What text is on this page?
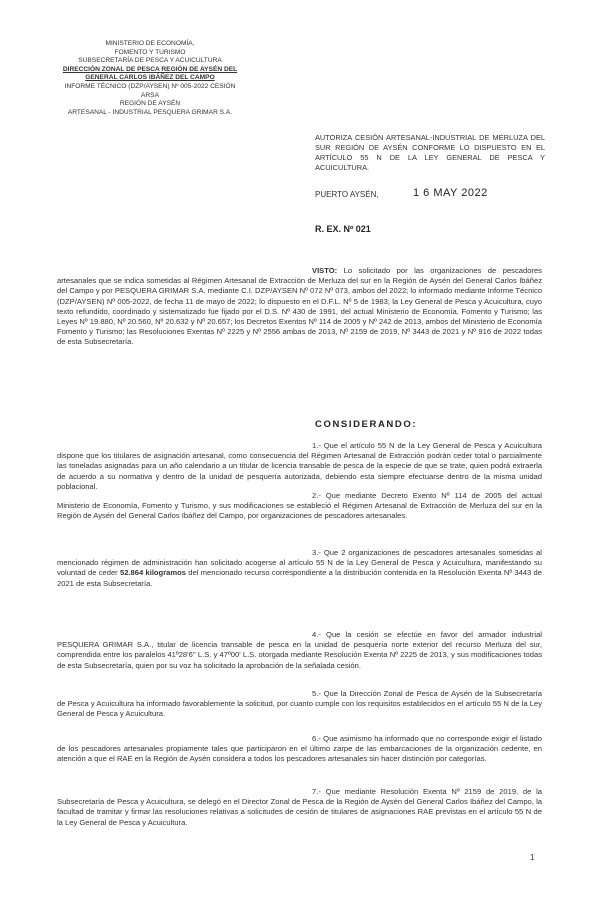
MINISTERIO DE ECONOMÍA,
FOMENTO Y TURISMO
SUBSECRETARÍA DE PESCA Y ACUICULTURA
DIRECCIÓN ZONAL DE PESCA REGIÓN DE AYSÉN DEL
GENERAL CARLOS IBÁÑEZ DEL CAMPO
INFORME TÉCNICO (DZP/AYSEN) Nº 005-2022 CESIÓN ARSA
REGIÓN DE AYSÉN
ARTESANAL - INDUSTRIAL PESQUERA GRIMAR S.A.
AUTORIZA CESIÓN ARTESANAL-INDUSTRIAL DE MERLUZA DEL SUR REGIÓN DE AYSÉN CONFORME LO DISPUESTO EN EL ARTÍCULO 55 N DE LA LEY GENERAL DE PESCA Y ACUICULTURA.
PUERTO AYSÉN,	1 6 MAY 2022
R. EX. Nº 021
VISTO: Lo solicitado por las organizaciones de pescadores artesanales que se indica sometidas al Régimen Artesanal de Extracción de Merluza del sur en la Región de Aysén del General Carlos Ibáñez del Campo y por PESQUERA GRIMAR S.A. mediante C.I. DZP/AYSEN Nº 072 Nº 073, ambos del 2022; lo informado mediante Informe Técnico (DZP/AYSEN) Nº 005-2022, de fecha 11 de mayo de 2022; lo dispuesto en el D.F.L. Nº 5 de 1983; la Ley General de Pesca y Acuicultura, cuyo texto refundido, coordinado y sistematizado fue fijado por el D.S. Nº 430 de 1991, del actual Ministerio de Economía, Fomento y Turismo; las Leyes Nº 19.880, Nº 20.560, Nº 20.632 y Nº 20.657; los Decretos Exentos Nº 114 de 2005 y Nº 242 de 2013, ambos del Ministerio de Economía Fomento y Turismo; las Resoluciones Exentas Nº 2225 y Nº 2556 ambas de 2013, Nº 2159 de 2019, Nº 3443 de 2021 y Nº 916 de 2022 todas de esta Subsecretaría.
CONSIDERANDO:
1.- Que el artículo 55 N de la Ley General de Pesca y Acuicultura dispone que los titulares de asignación artesanal, como consecuencia del Régimen Artesanal de Extracción podrán ceder total o parcialmente las toneladas asignadas para un año calendario a un titular de licencia transable de pesca de la especie de que se trate, quien podrá extraerla de acuerdo a su normativa y dentro de la unidad de pesquería autorizada, debiendo esta siempre efectuarse dentro de la misma unidad poblacional.
2.- Que mediante Decreto Exento Nº 114 de 2005 del actual Ministerio de Economía, Fomento y Turismo, y sus modificaciones se estableció el Régimen Artesanal de Extracción de Merluza del sur en la Región de Aysén del General Carlos Ibáñez del Campo, por organizaciones de pescadores artesanales.
3.- Que 2 organizaciones de pescadores artesanales sometidas al mencionado régimen de administración han solicitado acogerse al artículo 55 N de la Ley General de Pesca y Acuicultura, manifestando su voluntad de ceder 52.864 kilogramos del mencionado recurso correspondiente a la distribución contenida en la Resolución Exenta Nº 3443 de 2021 de esta Subsecretaría.
4.- Que la cesión se efectúe en favor del armador industrial PESQUERA GRIMAR S.A., titular de licencia transable de pesca en la unidad de pesquería norte exterior del recurso Merluza del sur, comprendida entre los paralelos 41º28'6'' L.S. y 47º00' L.S. otorgada mediante Resolución Exenta Nº 2225 de 2013, y sus modificaciones todas de esta Subsecretaría, quien por su voz ha solicitado la aprobación de la señalada cesión.
5.- Que la Dirección Zonal de Pesca de Aysén de la Subsecretaría de Pesca y Acuicultura ha informado favorablemente la solicitud, por cuanto cumple con los requisitos establecidos en el artículo 55 N de la Ley General de Pesca y Acuicultura.
6.- Que asimismo ha informado que no corresponde exigir el listado de los pescadores artesanales propiamente tales que participaron en el último zarpe de las embarcaciones de la organización cedente, en atención a que el RAE en la Región de Aysén considera a todos los pescadores artesanales sin hacer distinción por categorías.
7.- Que mediante Resolución Exenta Nº 2159 de 2019, de la Subsecretaría de Pesca y Acuicultura, se delegó en el Director Zonal de Pesca de la Región de Aysén del General Carlos Ibáñez del Campo, la facultad de tramitar y firmar las resoluciones relativas a solicitudes de cesión de titulares de asignaciones RAE previstas en el artículo 55 N de la Ley General de Pesca y Acuicultura.
1
